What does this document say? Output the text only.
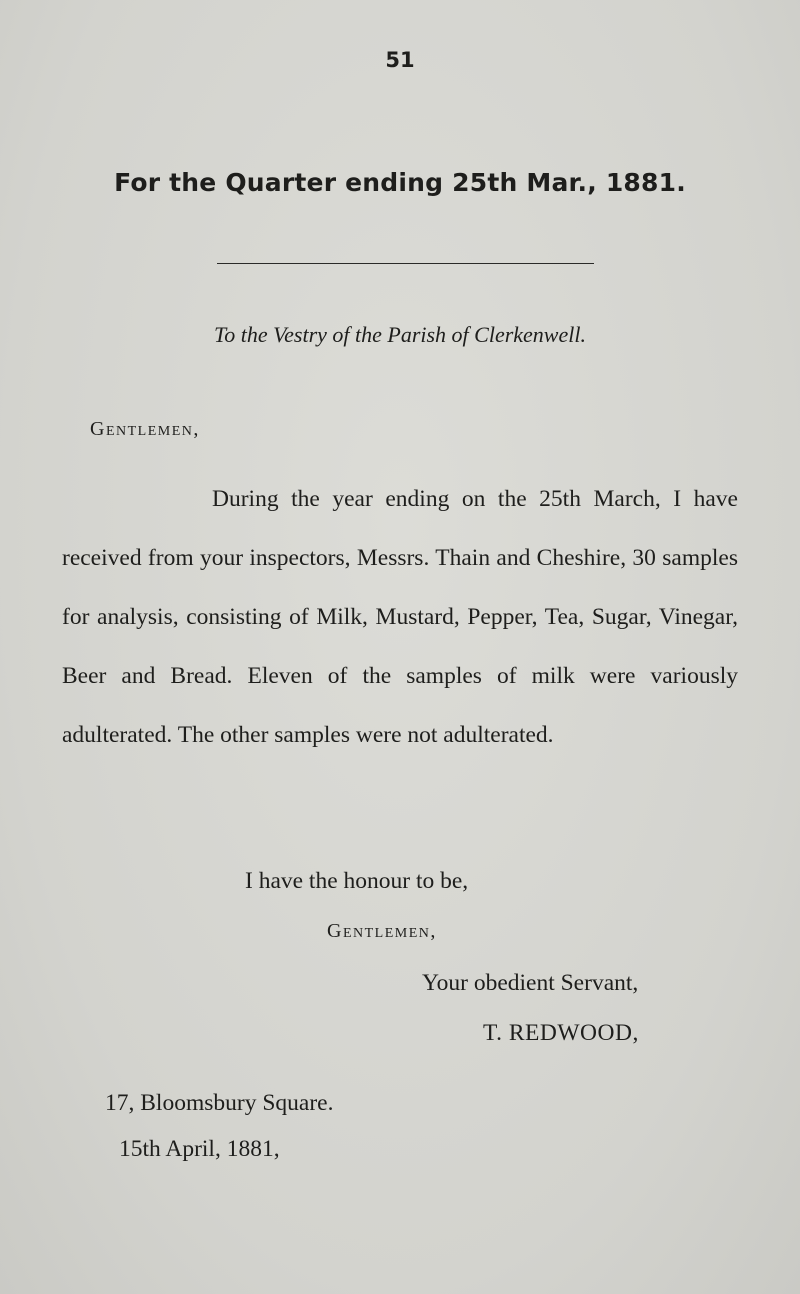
51
For the Quarter ending 25th Mar., 1881.
To the Vestry of the Parish of Clerkenwell.
Gentlemen,

During the year ending on the 25th March, I have received from your inspectors, Messrs. Thain and Cheshire, 30 samples for analysis, consisting of Milk, Mustard, Pepper, Tea, Sugar, Vinegar, Beer and Bread. Eleven of the samples of milk were variously adulterated. The other samples were not adulterated.

I have the honour to be,
Gentlemen,
Your obedient Servant,
T. REDWOOD,
17, Bloomsbury Square.
15th April, 1881,
